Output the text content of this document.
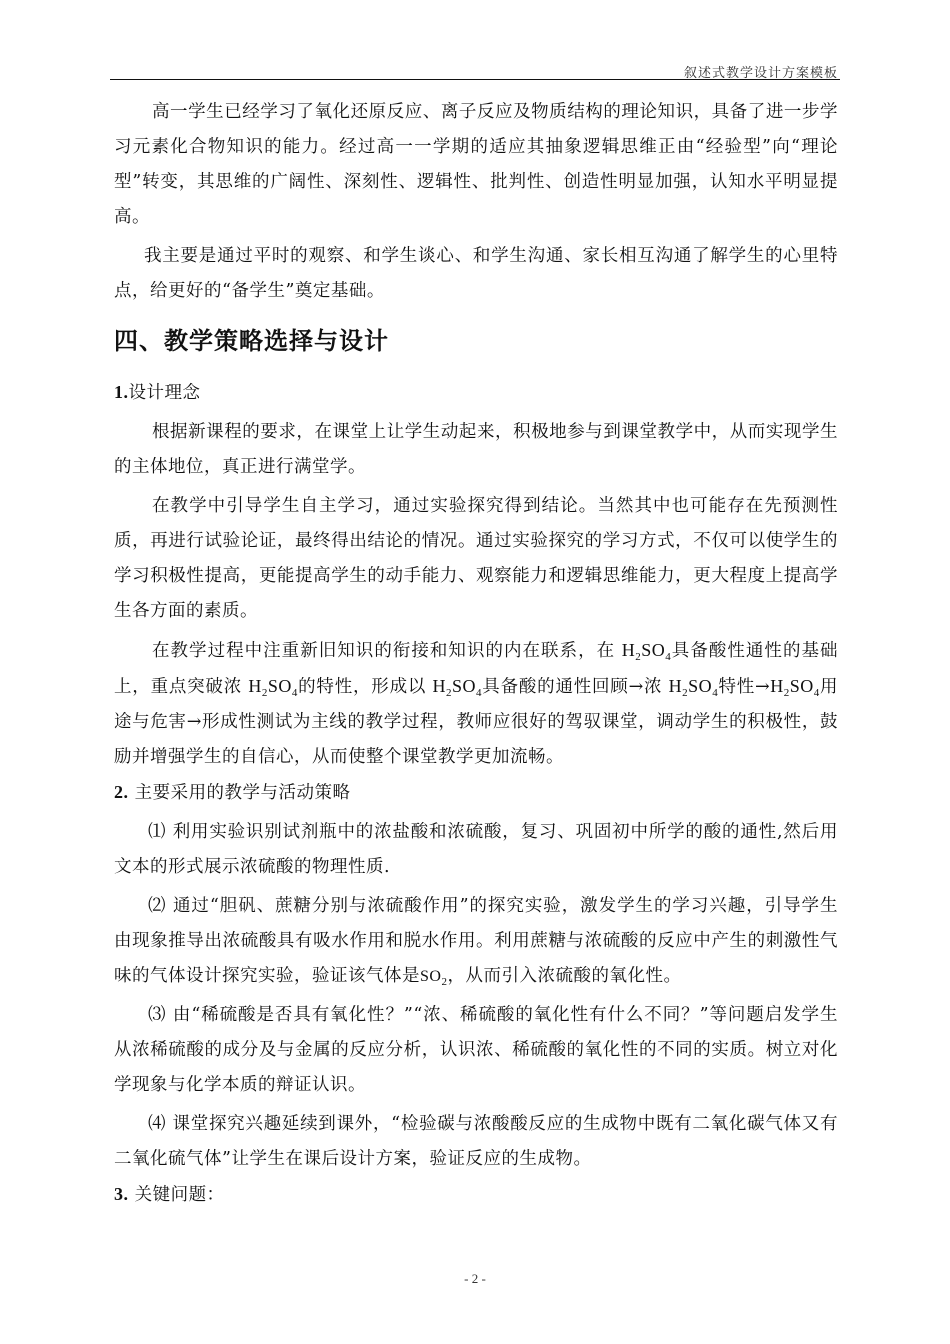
叙述式教学设计方案模板

高一学生已经学习了氧化还原反应、离子反应及物质结构的理论知识，具备了进一步学习元素化合物知识的能力。经过高一一学期的适应其抽象逻辑思维正由“经验型”向“理论型”转变，其思维的广阔性、深刻性、逻辑性、批判性、创造性明显加强，认知水平明显提高。

我主要是通过平时的观察、和学生谈心、和学生沟通、家长相互沟通了解学生的心里特点，给更好的“备学生”奠定基础。

四、教学策略选择与设计

1.设计理念

根据新课程的要求，在课堂上让学生动起来，积极地参与到课堂教学中，从而实现学生的主体地位，真正进行满堂学。

在教学中引导学生自主学习，通过实验探究得到结论。当然其中也可能存在先预测性质，再进行试验论证，最终得出结论的情况。通过实验探究的学习方式，不仅可以使学生的学习积极性提高，更能提高学生的动手能力、观察能力和逻辑思维能力，更大程度上提高学生各方面的素质。

在教学过程中注重新旧知识的衔接和知识的内在联系，在 $H_2SO_4$具备酸性通性的基础上，重点突破浓 $H_2SO_4$的特性，形成以 $H_2SO_4$具备酸的通性回顾→浓 $H_2SO_4$特性$\to H_2SO_4$用途与危害→形成性测试为主线的教学过程，教师应很好的驾驭课堂，调动学生的积极性，鼓励并增强学生的自信心，从而使整个课堂教学更加流畅。

2. 主要采用的教学与活动策略

⑴ 利用实验识别试剂瓶中的浓盐酸和浓硫酸，复习、巩固初中所学的酸的通性,然后用文本的形式展示浓硫酸的物理性质.

⑵ 通过“胆矾、蔗糖分别与浓硫酸作用”的探究实验，激发学生的学习兴趣，引导学生由现象推导出浓硫酸具有吸水作用和脱水作用。利用蔗糖与浓硫酸的反应中产生的刺激性气味的气体设计探究实验，验证该气体是$SO_2$，从而引入浓硫酸的氧化性。

⑶ 由“稀硫酸是否具有氧化性？”“浓、稀硫酸的氧化性有什么不同？”等问题启发学生从浓稀硫酸的成分及与金属的反应分析，认识浓、稀硫酸的氧化性的不同的实质。树立对化学现象与化学本质的辩证认识。

⑷ 课堂探究兴趣延续到课外，“检验碳与浓酸酸反应的生成物中既有二氧化碳气体又有二氧化硫气体”让学生在课后设计方案，验证反应的生成物。

3. 关键问题：

- 2 -
